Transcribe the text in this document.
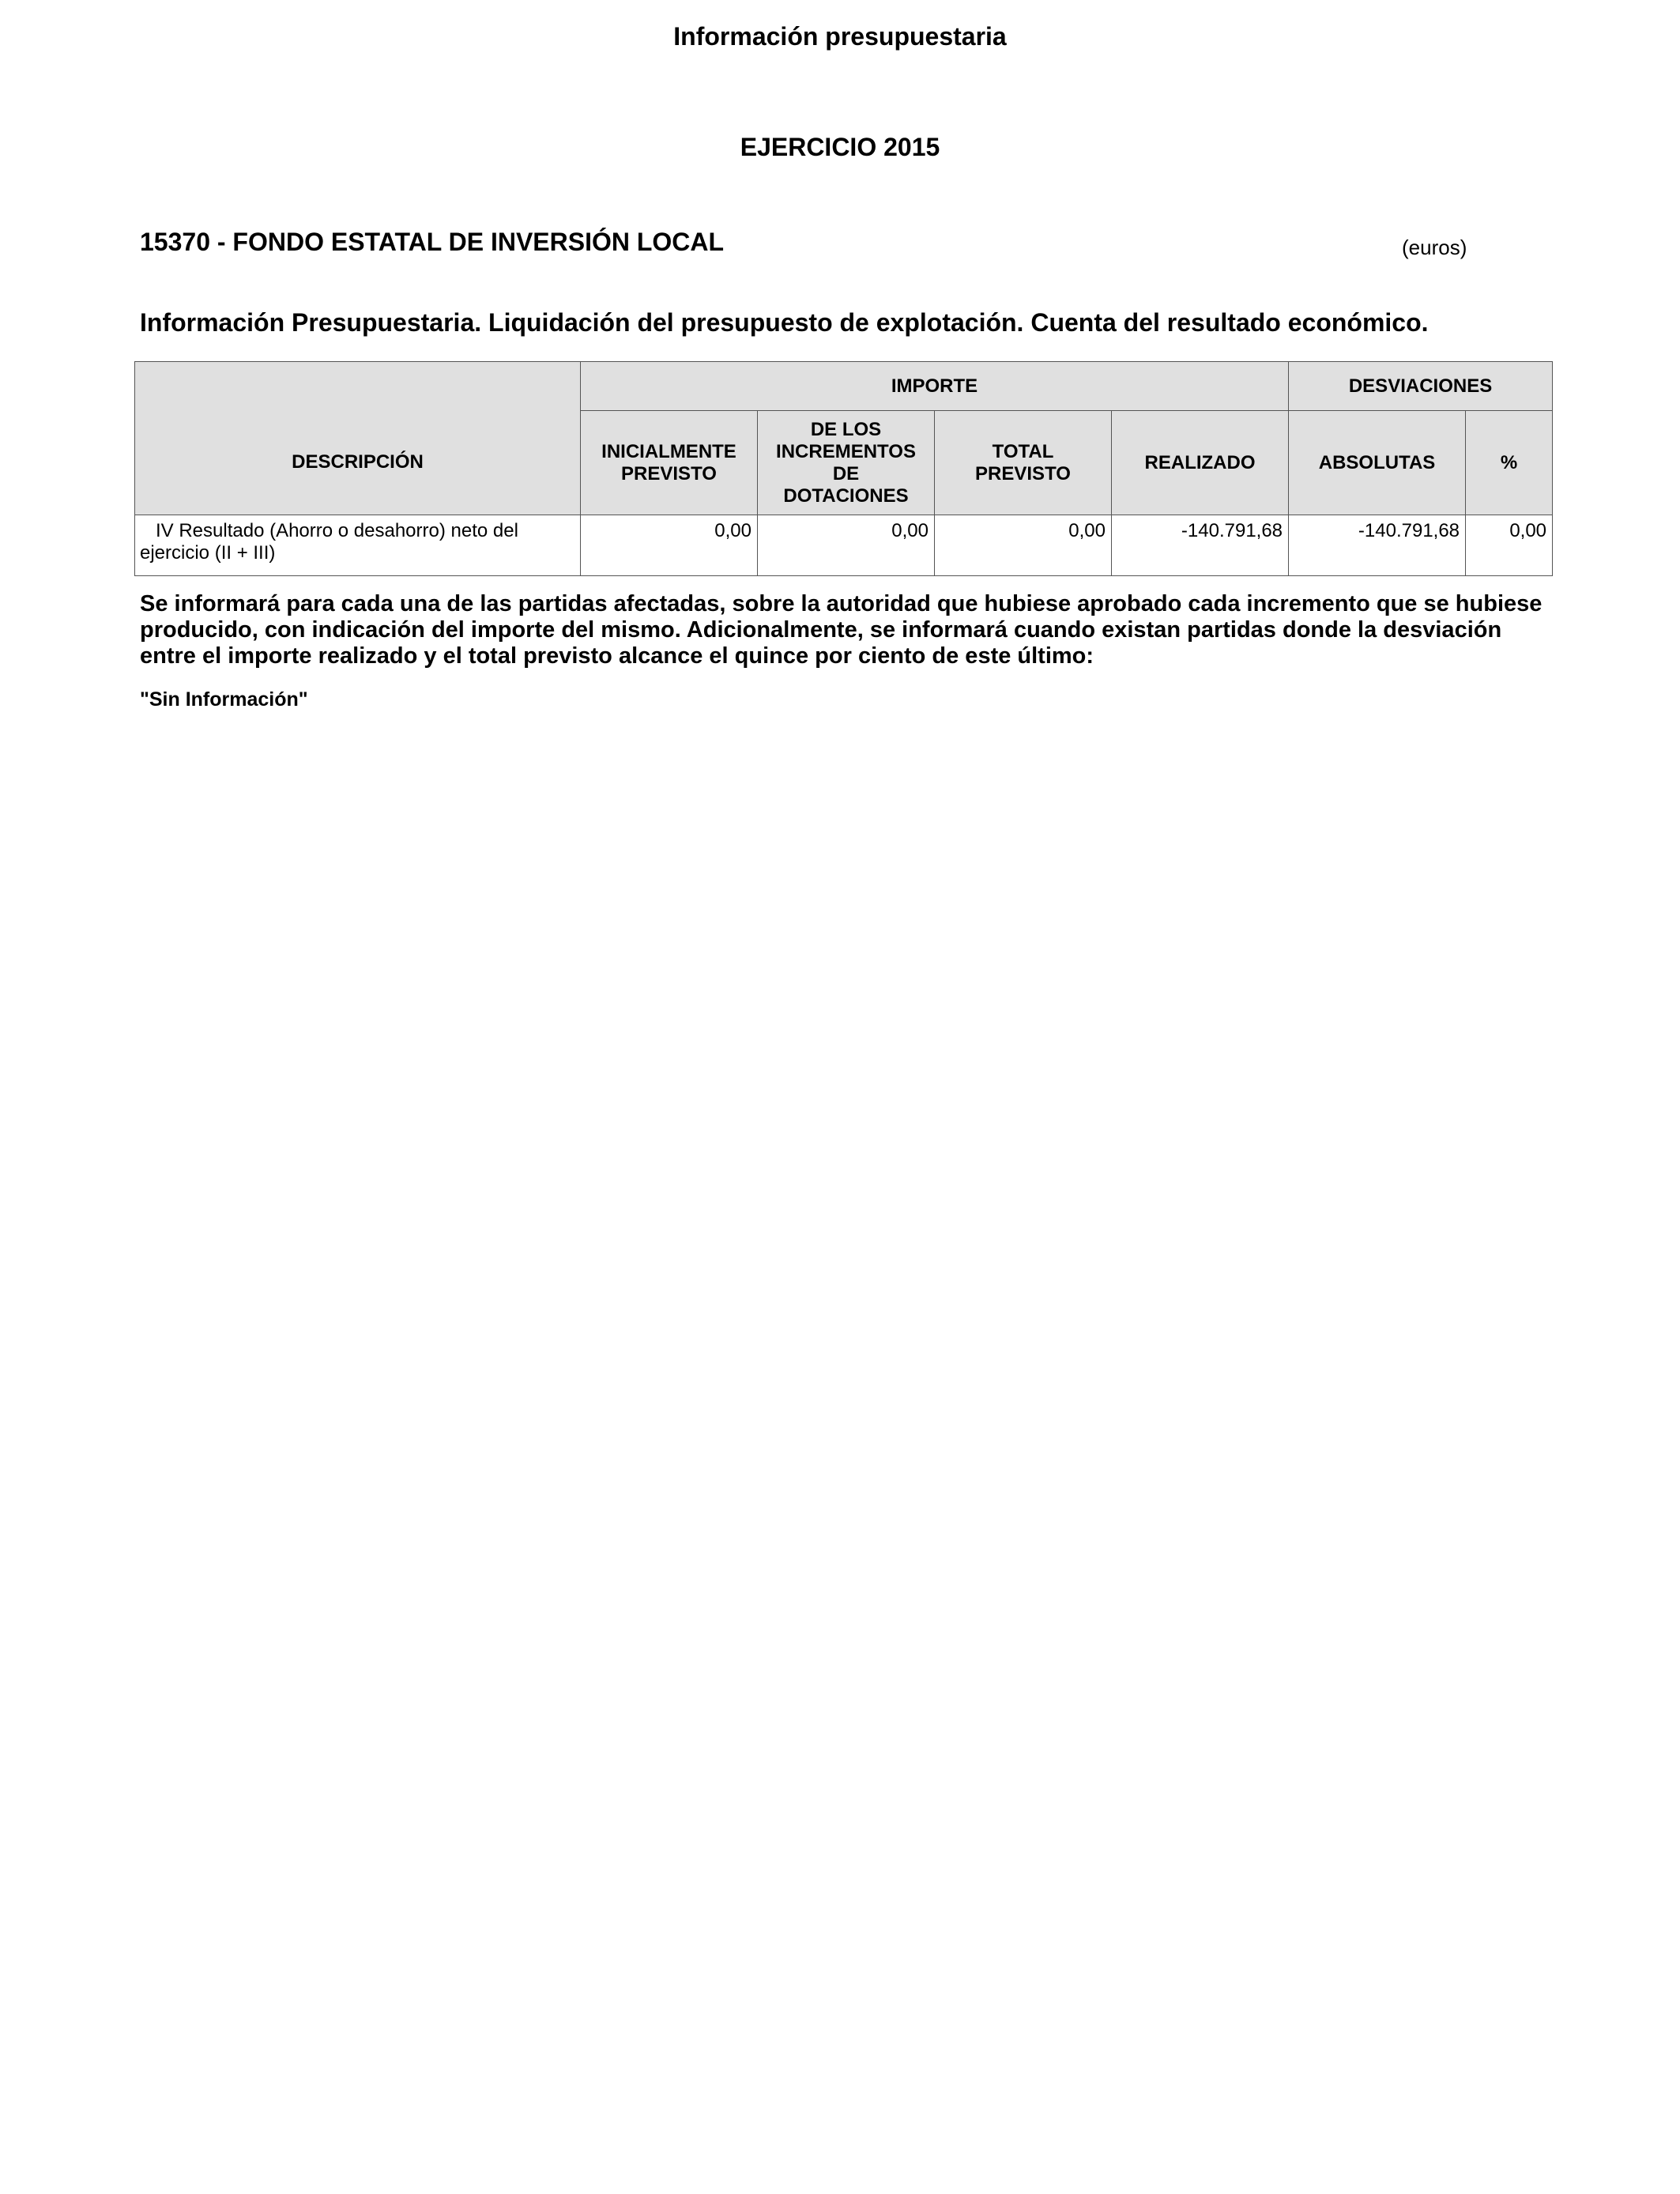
Información presupuestaria
EJERCICIO 2015
15370 - FONDO ESTATAL DE INVERSIÓN LOCAL	(euros)
Información Presupuestaria. Liquidación del presupuesto de explotación. Cuenta del resultado económico.
DESCRIPCIÓN	IMPORTE				DESVIACIONES	
	INICIALMENTE PREVISTO	DE LOS
INCREMENTOS
DE
DOTACIONES	TOTAL PREVISTO	REALIZADO	ABSOLUTAS	%
IV Resultado (Ahorro o desahorro) neto del ejercicio (II + III)	0,00	0,00	0,00	-140.791,68	-140.791,68	0,00
Se informará para cada una de las partidas afectadas, sobre la autoridad que hubiese aprobado cada incremento que se hubiese producido, con indicación del importe del mismo. Adicionalmente, se informará cuando existan partidas donde la desviación entre el importe realizado y el total previsto alcance el quince por ciento de este último:
"Sin Información"
